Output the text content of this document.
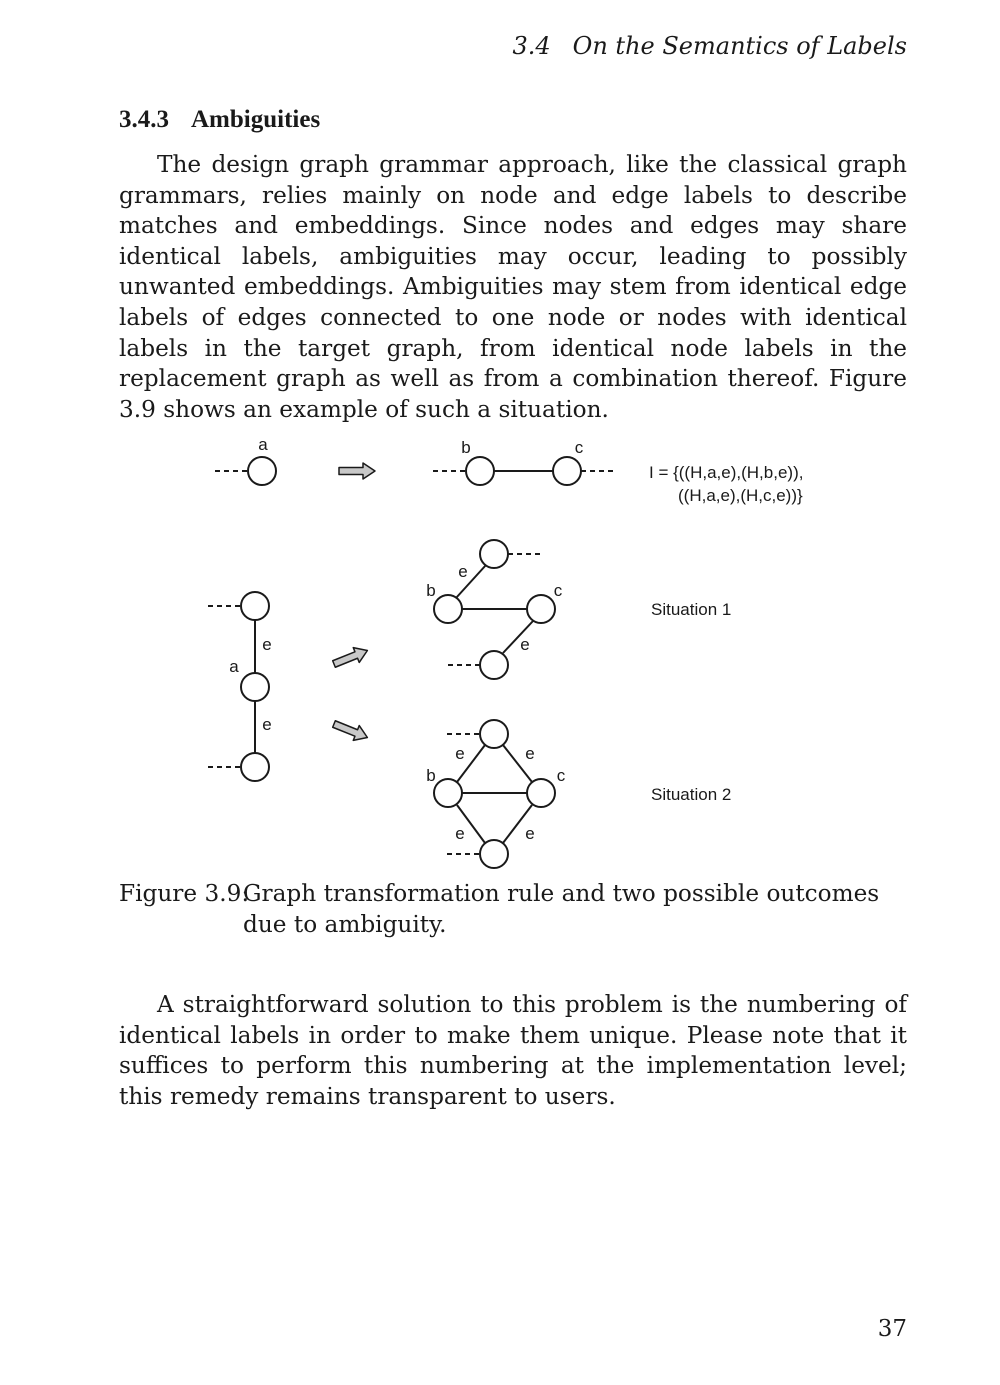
3.4 On the Semantics of Labels
3.4.3 Ambiguities

The design graph grammar approach, like the classical graph grammars, relies mainly on node and edge labels to describe matches and embeddings. Since nodes and edges may share identical labels, ambiguities may occur, leading to possibly unwanted embeddings. Ambiguities may stem from identical edge labels of edges connected to one node or nodes with identical labels in the target graph, from identical node labels in the replacement graph as well as from a combination thereof. Figure 3.9 shows an example of such a situation.

a	b	c
I = {((H,a,e),(H,b,e)),
((H,a,e),(H,c,e))}
a
e
e
e
b	c
e
Situation 1
e	e
b	c
e	e
Situation 2
Figure 3.9:
Graph transformation rule and two possible outcomes due to ambiguity.

A straightforward solution to this problem is the numbering of identical labels in order to make them unique. Please note that it suffices to perform this numbering at the implementation level; this remedy remains transparent to users.

37
